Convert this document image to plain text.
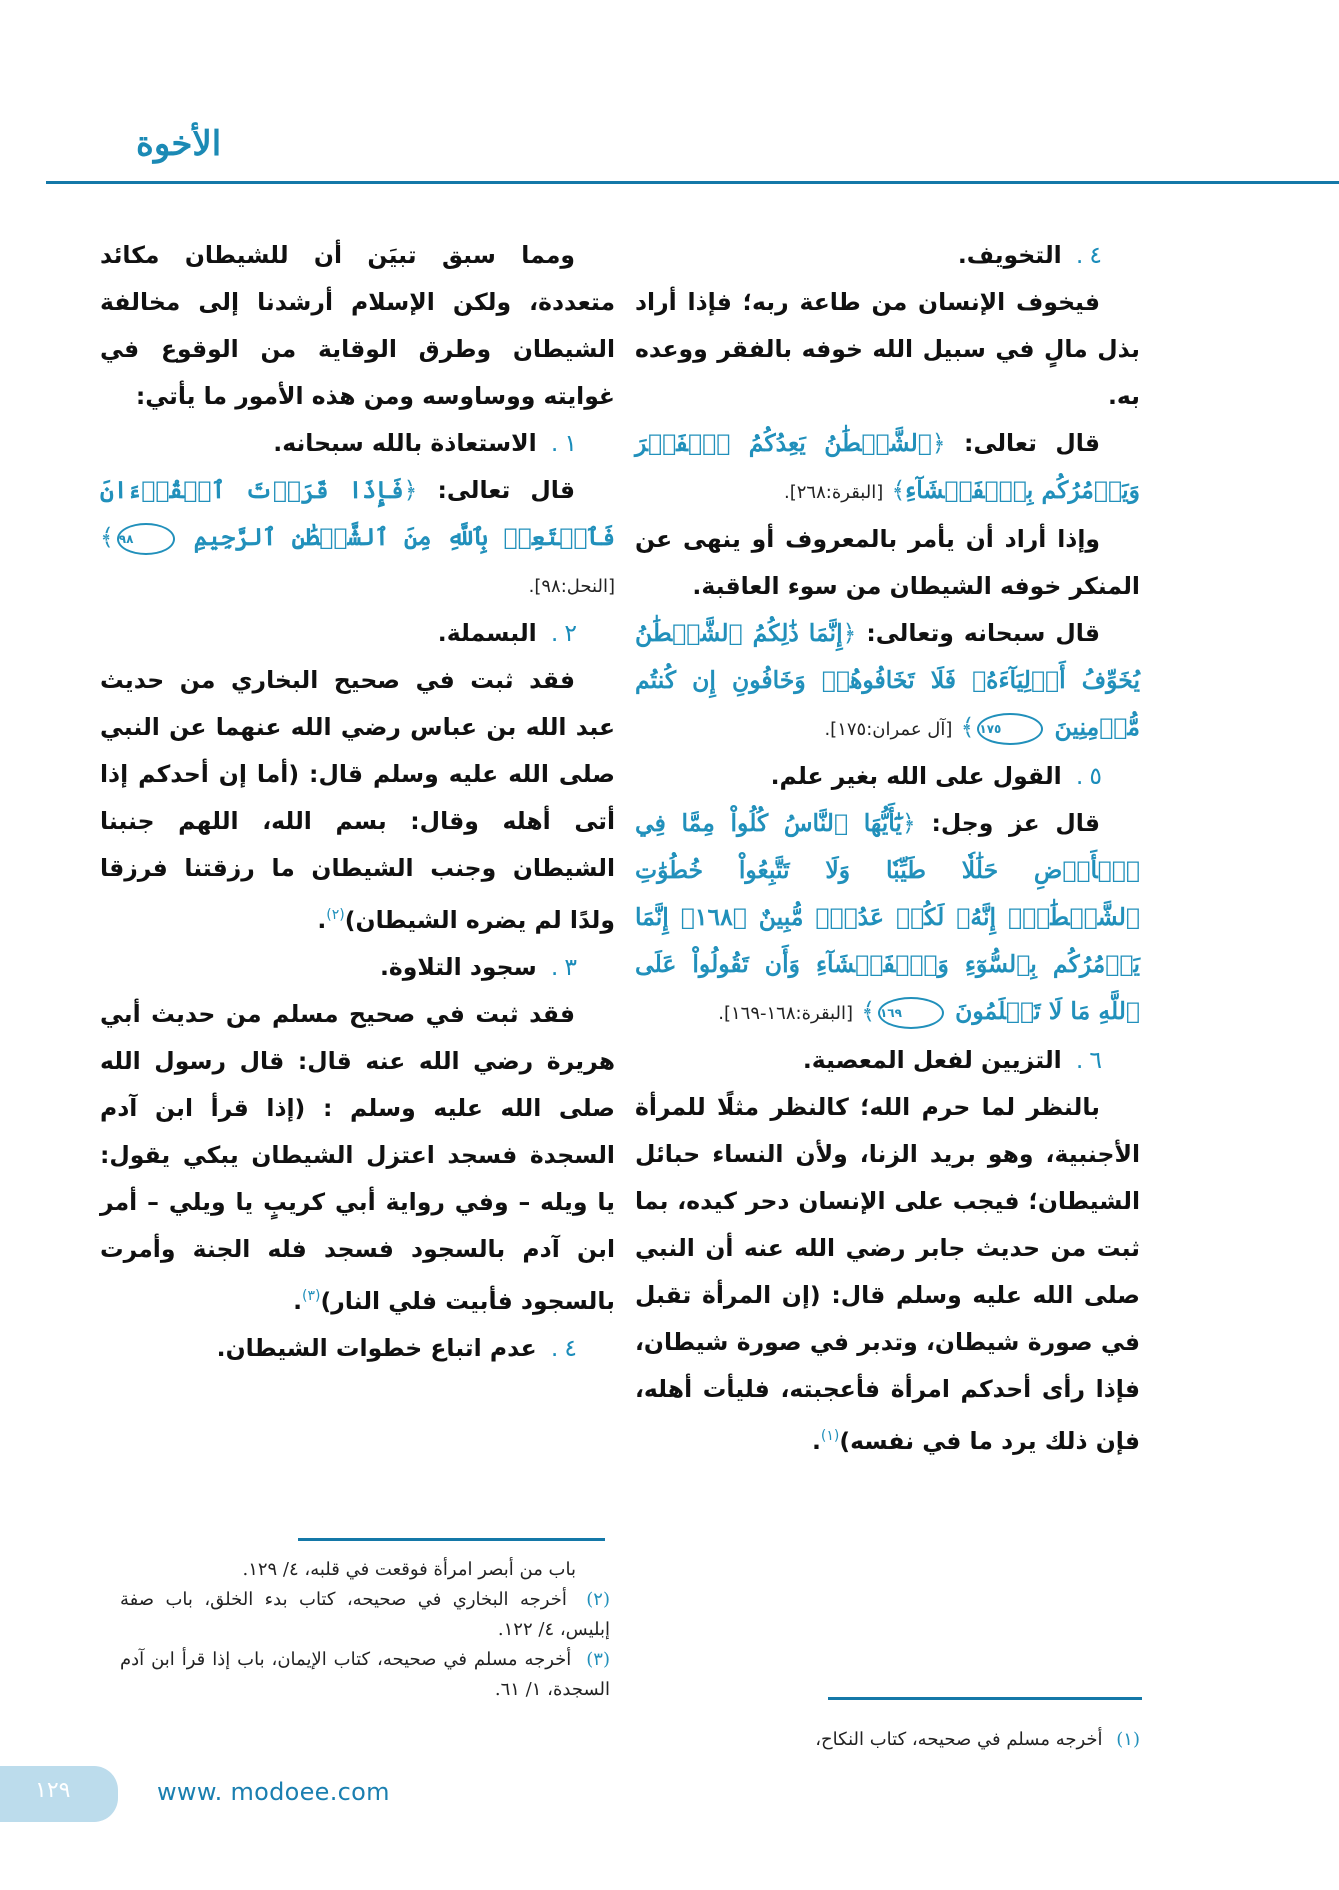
الأخوة

٤. التخويف.

فيخوف الإنسان من طاعة ربه؛ فإذا أراد بذل مالٍ في سبيل الله خوفه بالفقر ووعده به.

قال تعالى: ﴿ٱلشَّيۡطَٰنُ يَعِدُكُمُ ٱلۡفَقۡرَ وَيَأۡمُرُكُم بِٱلۡفَحۡشَآءِ﴾ [البقرة:٢٦٨].

وإذا أراد أن يأمر بالمعروف أو ينهى عن المنكر خوفه الشيطان من سوء العاقبة.

قال سبحانه وتعالى: ﴿إِنَّمَا ذَٰلِكُمُ ٱلشَّيۡطَٰنُ يُخَوِّفُ أَوۡلِيَآءَهُۥ فَلَا تَخَافُوهُمۡ وَخَافُونِ إِن كُنتُم مُّؤۡمِنِينَ ١٧٥﴾ [آل عمران:١٧٥].

٥. القول على الله بغير علم.

قال عز وجل: ﴿يَٰٓأَيُّهَا ٱلنَّاسُ كُلُواْ مِمَّا فِي ٱلۡأَرۡضِ حَلَٰلٗا طَيِّبٗا وَلَا تَتَّبِعُواْ خُطُوَٰتِ ٱلشَّيۡطَٰنِۚ إِنَّهُۥ لَكُمۡ عَدُوّٞ مُّبِينٌ ﴿١٦٨﴾ إِنَّمَا يَأۡمُرُكُم بِٱلسُّوٓءِ وَٱلۡفَحۡشَآءِ وَأَن تَقُولُواْ عَلَى ٱللَّهِ مَا لَا تَعۡلَمُونَ ١٦٩﴾ [البقرة:١٦٨-١٦٩].

٦. التزيين لفعل المعصية.

بالنظر لما حرم الله؛ كالنظر مثلًا للمرأة الأجنبية، وهو بريد الزنا، ولأن النساء حبائل الشيطان؛ فيجب على الإنسان دحر كيده، بما ثبت من حديث جابر رضي الله عنه أن النبي صلى الله عليه وسلم قال: (إن المرأة تقبل في صورة شيطان، وتدبر في صورة شيطان، فإذا رأى أحدكم امرأة فأعجبته، فليأت أهله، فإن ذلك يرد ما في نفسه)$^{(١)}$.

(١) أخرجه مسلم في صحيحه، كتاب النكاح،

ومما سبق تبيَن أن للشيطان مكائد متعددة، ولكن الإسلام أرشدنا إلى مخالفة الشيطان وطرق الوقاية من الوقوع في غوايته ووساوسه ومن هذه الأمور ما يأتي:

١. الاستعاذة بالله سبحانه.

قال تعالى: ﴿فَإِذَا قَرَأۡتَ ٱلۡقُرۡءَانَ فَٱسۡتَعِذۡ بِٱللَّهِ مِنَ ٱلشَّيۡطَٰنِ ٱلرَّجِيمِ ٩٨﴾ [النحل:٩٨].

٢. البسملة.

فقد ثبت في صحيح البخاري من حديث عبد الله بن عباس رضي الله عنهما عن النبي صلى الله عليه وسلم قال: (أما إن أحدكم إذا أتى أهله وقال: بسم الله، اللهم جنبنا الشيطان وجنب الشيطان ما رزقتنا فرزقا ولدًا لم يضره الشيطان)$^{(٢)}$.

٣. سجود التلاوة.

فقد ثبت في صحيح مسلم من حديث أبي هريرة رضي الله عنه قال: قال رسول الله صلى الله عليه وسلم : (إذا قرأ ابن آدم السجدة فسجد اعتزل الشيطان يبكي يقول: يا ويله – وفي رواية أبي كريبٍ يا ويلي – أمر ابن آدم بالسجود فسجد فله الجنة وأمرت بالسجود فأبيت فلي النار)$^{(٣)}$.

٤. عدم اتباع خطوات الشيطان.

باب من أبصر امرأة فوقعت في قلبه، ٤/ ١٢٩.

(٢) أخرجه البخاري في صحيحه، كتاب بدء الخلق، باب صفة إبليس، ٤/ ١٢٢.

(٣) أخرجه مسلم في صحيحه، كتاب الإيمان، باب إذا قرأ ابن آدم السجدة، ١/ ٦١.

١٢٩	www. modoee.com
